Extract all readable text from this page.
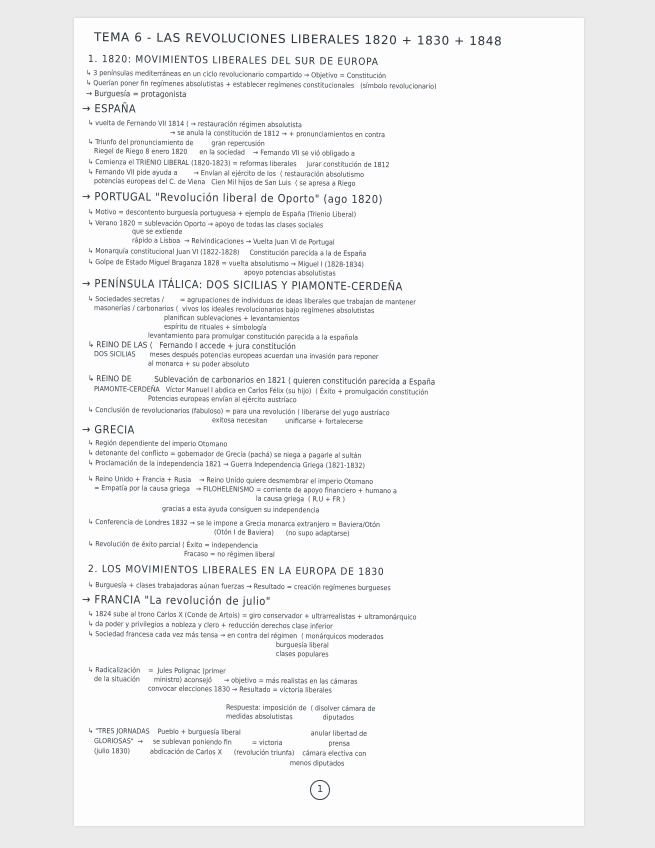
TEMA 6 - LAS REVOLUCIONES LIBERALES 1820 + 1830 + 1848
1. 1820: MOVIMIENTOS LIBERALES DEL SUR DE EUROPA
↳ 3 penínsulas mediterráneas en un ciclo revolucionario compartido → Objetivo = Constitución
↳ Querían poner fin regímenes absolutistas + establecer regímenes constitucionales   (símbolo revolucionario)
→ Burguesía = protagonista
→ ESPAÑA
↳ vuelta de Fernando VII 1814 ⟨ → restauración régimen absolutista
→ se anula la constitución de 1812 → + pronunciamientos en contra
↳ Triunfo del pronunciamiento de         gran repercusión
Riegel de Riego 8 enero 1820      en la sociedad    → Fernando VII se vió obligado a
↳ Comienza el TRIENIO LIBERAL (1820-1823) = reformas liberales     jurar constitución de 1812
↳ Fernando VII pide ayuda a        → Envían al ejército de los  ⟨ restauración absolutismo
potencias europeas del C. de Viena   Cien Mil hijos de San Luis  ⟨ se apresa a Riego
→ PORTUGAL "Revolución liberal de Oporto" (ago 1820)
↳ Motivo = descontento burguesía portuguesa + ejemplo de España (Trienio Liberal)
↳ Verano 1820 = sublevación Oporto → apoyo de todas las clases sociales
que se extiende
rápido a Lisboa  → Reivindicaciones → Vuelta Juan VI de Portugal
↳ Monarquía constitucional Juan VI (1822-1828)     Constitución parecida a la de España
↳ Golpe de Estado Miguel Braganza 1828 = vuelta absolutismo → Miguel I (1828-1834)
apoyo potencias absolutistas
→ PENÍNSULA ITÁLICA: DOS SICILIAS Y PIAMONTE-CERDEÑA
↳ Sociedades secretas /        = agrupaciones de individuos de ideas liberales que trabajan de mantener
masonerías / carbonarios ⟨  vivos los ideales revolucionarios bajo regímenes absolutistas
planifican sublevaciones + levantamientos
espíritu de rituales + simbología
levantamiento para promulgar constitución parecida a la española
↳ REINO DE LAS ⟨   Fernando I accede + jura constitución
DOS SICILIAS       meses después potencias europeas acuerdan una invasión para reponer
al monarca + su poder absoluto
↳ REINO DE          Sublevación de carbonarios en 1821 ⟨ quieren constitución parecida a España
PIAMONTE-CERDEÑA   Víctor Manuel I abdica en Carlos Félix (su hijo)  ⟨ Éxito + promulgación constitución
Potencias europeas envían al ejército austríaco
↳ Conclusión de revolucionarios (fabuloso) = para una revolución ⟨ liberarse del yugo austríaco
exitosa necesitan         unificarse + fortalecerse
→ GRECIA
↳ Región dependiente del imperio Otomano
↳ detonante del conflicto = gobernador de Grecia (pachá) se niega a pagarle al sultán
↳ Proclamación de la independencia 1821 → Guerra Independencia Griega (1821-1832)
↳ Reino Unido + Francia + Rusia    → Reino Unido quiere desmembrar el imperio Otomano
= Empatía por la causa griega   → FILOHELENISMO = corriente de apoyo financiero + humano a
la causa griega  ( R.U + FR )
gracias a esta ayuda consiguen su independencia
↳ Conferencia de Londres 1832 → se le impone a Grecia monarca extranjero = Baviera/Otón
(Otón I de Baviera)      (no supo adaptarse)
↳ Revolución de éxito parcial ⟨ Éxito = independencia
Fracaso = no régimen liberal
2. LOS MOVIMIENTOS LIBERALES EN LA EUROPA DE 1830
↳ Burguesía + clases trabajadoras aúnan fuerzas → Resultado = creación regímenes burgueses
→ FRANCIA "La revolución de julio"
↳ 1824 sube al trono Carlos X (Conde de Artois) = giro conservador + ultrarrealistas + ultramonárquico
↳ da poder y privilegios a nobleza y clero + reducción derechos clase inferior
↳ Sociedad francesa cada vez más tensa → en contra del régimen  ⟨ monárquicos moderados
burguesía liberal
clases populares
↳ Radicalización    =  Jules Polignac (primer
de la situación       ministro) aconsejó      → objetivo = más realistas en las cámaras
convocar elecciones 1830 → Resultado = victoria liberales
Respuesta: imposición de  ⟨ disolver cámara de
medidas absolutistas               diputados
↳ "TRES JORNADAS    Pueblo + burguesía liberal                                   anular libertad de
GLORIOSAS"  →     se sublevan poniendo fin          = victoria                       prensa
(julio 1830)          abdicación de Carlos X      (revolución triunfa)    cámara electiva con
menos diputados
1
